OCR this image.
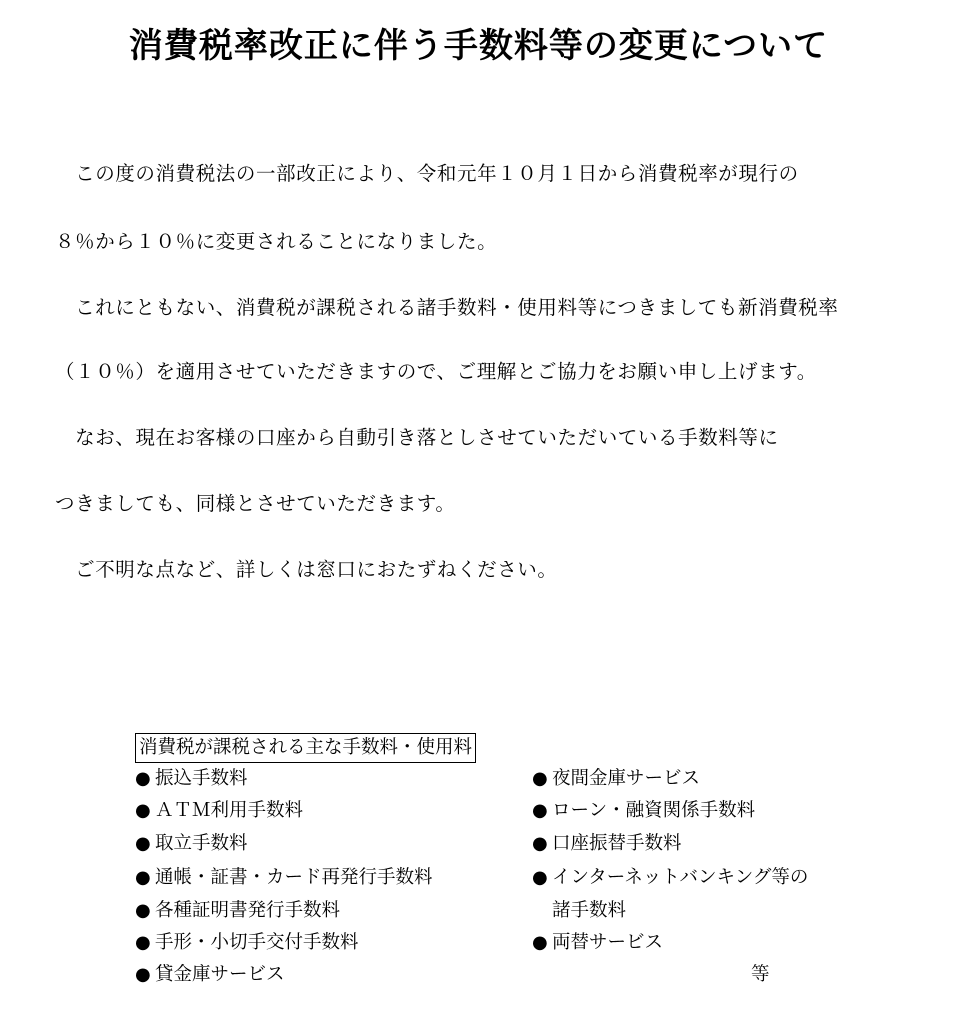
消費税率改正に伴う手数料等の変更について
　この度の消費税法の一部改正により、令和元年１０月１日から消費税率が現行の
８％から１０％に変更されることになりました。
　これにともない、消費税が課税される諸手数料・使用料等につきましても新消費税率
（１０％）を適用させていただきますので、ご理解とご協力をお願い申し上げます。
　なお、現在お客様の口座から自動引き落としさせていただいている手数料等に
つきましても、同様とさせていただきます。
　ご不明な点など、詳しくは窓口におたずねください。
消費税が課税される主な手数料・使用料
● 振込手数料
● ＡＴＭ利用手数料
● 取立手数料
● 通帳・証書・カード再発行手数料
● 各種証明書発行手数料
● 手形・小切手交付手数料
● 貸金庫サービス
● 夜間金庫サービス
● ローン・融資関係手数料
● 口座振替手数料
● インターネットバンキング等の
諸手数料
● 両替サービス
等
